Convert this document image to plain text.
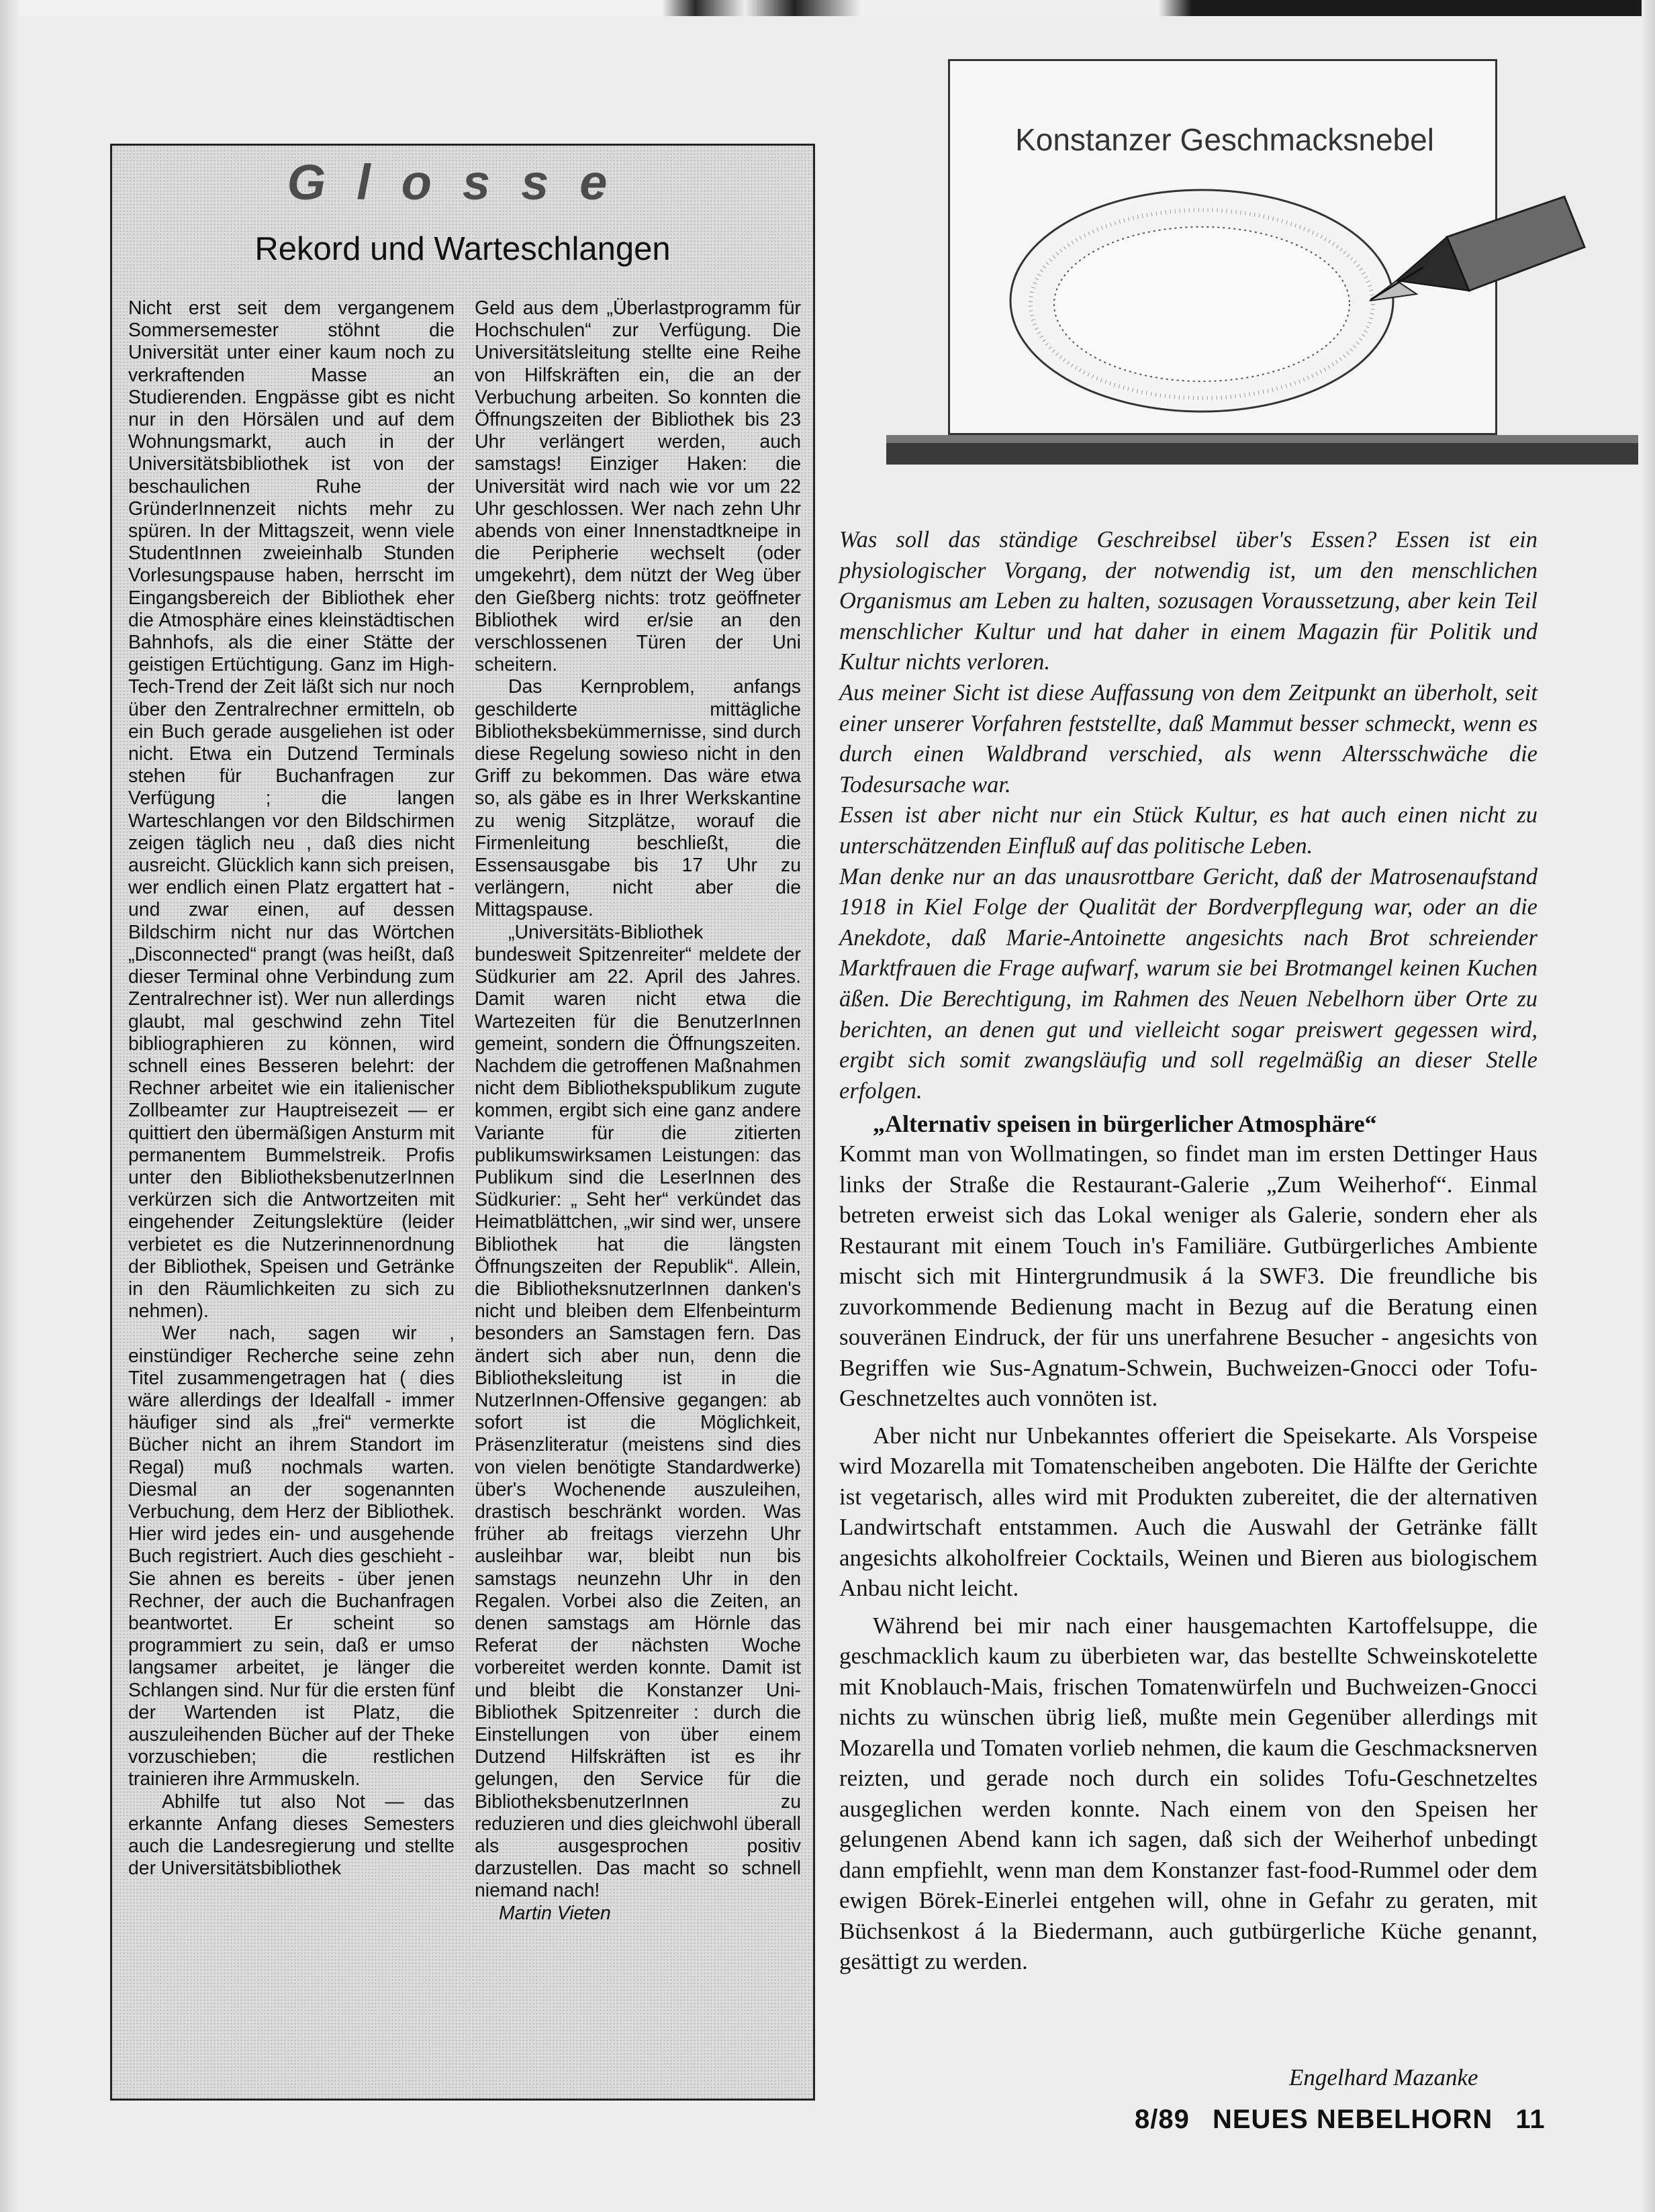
Glosse
Rekord und Warteschlangen

Nicht erst seit dem vergangenem Sommersemester stöhnt die Universität unter einer kaum noch zu verkraftenden Masse an Studierenden. Engpässe gibt es nicht nur in den Hörsälen und auf dem Wohnungsmarkt, auch in der Universitätsbibliothek ist von der beschaulichen Ruhe der GründerInnenzeit nichts mehr zu spüren. In der Mittagszeit, wenn viele StudentInnen zweieinhalb Stunden Vorlesungspause haben, herrscht im Eingangsbereich der Bibliothek eher die Atmosphäre eines kleinstädtischen Bahnhofs, als die einer Stätte der geistigen Ertüchtigung. Ganz im High-Tech-Trend der Zeit läßt sich nur noch über den Zentralrechner ermitteln, ob ein Buch gerade ausgeliehen ist oder nicht. Etwa ein Dutzend Terminals stehen für Buchanfragen zur Verfügung ; die langen Warteschlangen vor den Bildschirmen zeigen täglich neu , daß dies nicht ausreicht. Glücklich kann sich preisen, wer endlich einen Platz ergattert hat - und zwar einen, auf dessen Bildschirm nicht nur das Wörtchen „Disconnected“ prangt (was heißt, daß dieser Terminal ohne Verbindung zum Zentralrechner ist). Wer nun allerdings glaubt, mal geschwind zehn Titel bibliographieren zu können, wird schnell eines Besseren belehrt: der Rechner arbeitet wie ein italienischer Zollbeamter zur Hauptreisezeit — er quittiert den übermäßigen Ansturm mit permanentem Bummelstreik. Profis unter den BibliotheksbenutzerInnen verkürzen sich die Antwortzeiten mit eingehender Zeitungslektüre (leider verbietet es die Nutzerinnenordnung der Bibliothek, Speisen und Getränke in den Räumlichkeiten zu sich zu nehmen).

Wer nach, sagen wir , einstündiger Recherche seine zehn Titel zusammengetragen hat ( dies wäre allerdings der Idealfall - immer häufiger sind als „frei“ vermerkte Bücher nicht an ihrem Standort im Regal) muß nochmals warten. Diesmal an der sogenannten Verbuchung, dem Herz der Bibliothek. Hier wird jedes ein- und ausgehende Buch registriert. Auch dies geschieht - Sie ahnen es bereits - über jenen Rechner, der auch die Buchanfragen beantwortet. Er scheint so programmiert zu sein, daß er umso langsamer arbeitet, je länger die Schlangen sind. Nur für die ersten fünf der Wartenden ist Platz, die auszuleihenden Bücher auf der Theke vorzuschieben; die restlichen trainieren ihre Armmuskeln.

Abhilfe tut also Not — das erkannte Anfang dieses Semesters auch die Landesregierung und stellte der Universitätsbibliothek

Geld aus dem „Überlastprogramm für Hochschulen“ zur Verfügung. Die Universitätsleitung stellte eine Reihe von Hilfskräften ein, die an der Verbuchung arbeiten. So konnten die Öffnungszeiten der Bibliothek bis 23 Uhr verlängert werden, auch samstags! Einziger Haken: die Universität wird nach wie vor um 22 Uhr geschlossen. Wer nach zehn Uhr abends von einer Innenstadtkneipe in die Peripherie wechselt (oder umgekehrt), dem nützt der Weg über den Gießberg nichts: trotz geöffneter Bibliothek wird er/sie an den verschlossenen Türen der Uni scheitern.

Das Kernproblem, anfangs geschilderte mittägliche Bibliotheksbekümmernisse, sind durch diese Regelung sowieso nicht in den Griff zu bekommen. Das wäre etwa so, als gäbe es in Ihrer Werkskantine zu wenig Sitzplätze, worauf die Firmenleitung beschließt, die Essensausgabe bis 17 Uhr zu verlängern, nicht aber die Mittagspause.

„Universitäts-Bibliothek bundesweit Spitzenreiter“ meldete der Südkurier am 22. April des Jahres. Damit waren nicht etwa die Wartezeiten für die BenutzerInnen gemeint, sondern die Öffnungszeiten. Nachdem die getroffenen Maßnahmen nicht dem Bibliothekspublikum zugute kommen, ergibt sich eine ganz andere Variante für die zitierten publikumswirksamen Leistungen: das Publikum sind die LeserInnen des Südkurier: „ Seht her“ verkündet das Heimatblättchen, „wir sind wer, unsere Bibliothek hat die längsten Öffnungszeiten der Republik“. Allein, die BibliotheksnutzerInnen danken's nicht und bleiben dem Elfenbeinturm besonders an Samstagen fern. Das ändert sich aber nun, denn die Bibliotheksleitung ist in die NutzerInnen-Offensive gegangen: ab sofort ist die Möglichkeit, Präsenzliteratur (meistens sind dies von vielen benötigte Standardwerke) über's Wochenende auszuleihen, drastisch beschränkt worden. Was früher ab freitags vierzehn Uhr ausleihbar war, bleibt nun bis samstags neunzehn Uhr in den Regalen. Vorbei also die Zeiten, an denen samstags am Hörnle das Referat der nächsten Woche vorbereitet werden konnte. Damit ist und bleibt die Konstanzer Uni-Bibliothek Spitzenreiter : durch die Einstellungen von über einem Dutzend Hilfskräften ist es ihr gelungen, den Service für die BibliotheksbenutzerInnen zu reduzieren und dies gleichwohl überall als ausgesprochen positiv darzustellen. Das macht so schnell niemand nach!

Martin Vieten
Konstanzer Geschmacksnebel

Was soll das ständige Geschreibsel über's Essen? Essen ist ein physiologischer Vorgang, der notwendig ist, um den menschlichen Organismus am Leben zu halten, sozusagen Voraussetzung, aber kein Teil menschlicher Kultur und hat daher in einem Magazin für Politik und Kultur nichts verloren.

Aus meiner Sicht ist diese Auffassung von dem Zeitpunkt an überholt, seit einer unserer Vorfahren feststellte, daß Mammut besser schmeckt, wenn es durch einen Waldbrand verschied, als wenn Altersschwäche die Todesursache war.

Essen ist aber nicht nur ein Stück Kultur, es hat auch einen nicht zu unterschätzenden Einfluß auf das politische Leben.

Man denke nur an das unausrottbare Gericht, daß der Matrosenaufstand 1918 in Kiel Folge der Qualität der Bordverpflegung war, oder an die Anekdote, daß Marie-Antoinette angesichts nach Brot schreiender Marktfrauen die Frage aufwarf, warum sie bei Brotmangel keinen Kuchen äßen. Die Berechtigung, im Rahmen des Neuen Nebelhorn über Orte zu berichten, an denen gut und vielleicht sogar preiswert gegessen wird, ergibt sich somit zwangsläufig und soll regelmäßig an dieser Stelle erfolgen.

„Alternativ speisen in bürgerlicher Atmosphäre“

Kommt man von Wollmatingen, so findet man im ersten Dettinger Haus links der Straße die Restaurant-Galerie „Zum Weiherhof“. Einmal betreten erweist sich das Lokal weniger als Galerie, sondern eher als Restaurant mit einem Touch in's Familiäre. Gutbürgerliches Ambiente mischt sich mit Hintergrundmusik á la SWF3. Die freundliche bis zuvorkommende Bedienung macht in Bezug auf die Beratung einen souveränen Eindruck, der für uns unerfahrene Besucher - angesichts von Begriffen wie Sus-Agnatum-Schwein, Buchweizen-Gnocci oder Tofu-Geschnetzeltes auch vonnöten ist.

Aber nicht nur Unbekanntes offeriert die Speisekarte. Als Vorspeise wird Mozarella mit Tomatenscheiben angeboten. Die Hälfte der Gerichte ist vegetarisch, alles wird mit Produkten zubereitet, die der alternativen Landwirtschaft entstammen. Auch die Auswahl der Getränke fällt angesichts alkoholfreier Cocktails, Weinen und Bieren aus biologischem Anbau nicht leicht.

Während bei mir nach einer hausgemachten Kartoffelsuppe, die geschmacklich kaum zu überbieten war, das bestellte Schweinskotelette mit Knoblauch-Mais, frischen Tomatenwürfeln und Buchweizen-Gnocci nichts zu wünschen übrig ließ, mußte mein Gegenüber allerdings mit Mozarella und Tomaten vorlieb nehmen, die kaum die Geschmacksnerven reizten, und gerade noch durch ein solides Tofu-Geschnetzeltes ausgeglichen werden konnte. Nach einem von den Speisen her gelungenen Abend kann ich sagen, daß sich der Weiherhof unbedingt dann empfiehlt, wenn man dem Konstanzer fast-food-Rummel oder dem ewigen Börek-Einerlei entgehen will, ohne in Gefahr zu geraten, mit Büchsenkost á la Biedermann, auch gutbürgerliche Küche genannt, gesättigt zu werden.

Engelhard Mazanke
8/89 NEUES NEBELHORN 11
